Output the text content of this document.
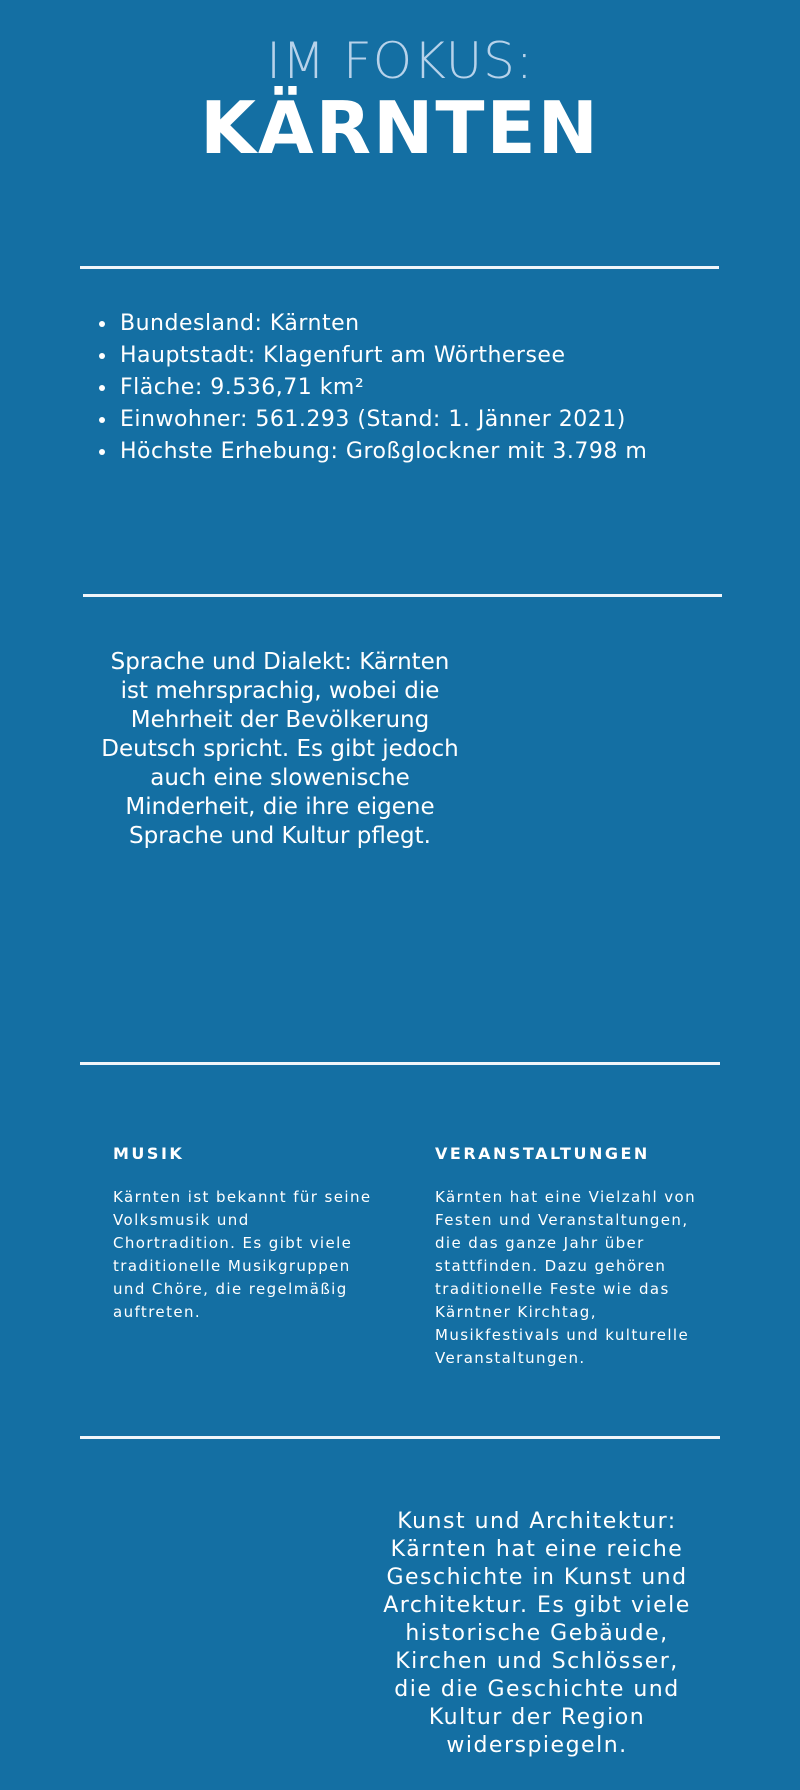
IM FOKUS:
KÄRNTEN
• Bundesland: Kärnten
• Hauptstadt: Klagenfurt am Wörthersee
• Fläche: 9.536,71 km²
• Einwohner: 561.293 (Stand: 1. Jänner 2021)
• Höchste Erhebung: Großglockner mit 3.798 m
Sprache und Dialekt: Kärnten ist mehrsprachig, wobei die Mehrheit der Bevölkerung Deutsch spricht. Es gibt jedoch auch eine slowenische Minderheit, die ihre eigene Sprache und Kultur pflegt.
MUSIK
Kärnten ist bekannt für seine Volksmusik und Chortradition. Es gibt viele traditionelle Musikgruppen und Chöre, die regelmäßig auftreten.
VERANSTALTUNGEN
Kärnten hat eine Vielzahl von Festen und Veranstaltungen, die das ganze Jahr über stattfinden. Dazu gehören traditionelle Feste wie das Kärntner Kirchtag, Musikfestivals und kulturelle Veranstaltungen.
Kunst und Architektur: Kärnten hat eine reiche Geschichte in Kunst und Architektur. Es gibt viele historische Gebäude, Kirchen und Schlösser, die die Geschichte und Kultur der Region widerspiegeln.
